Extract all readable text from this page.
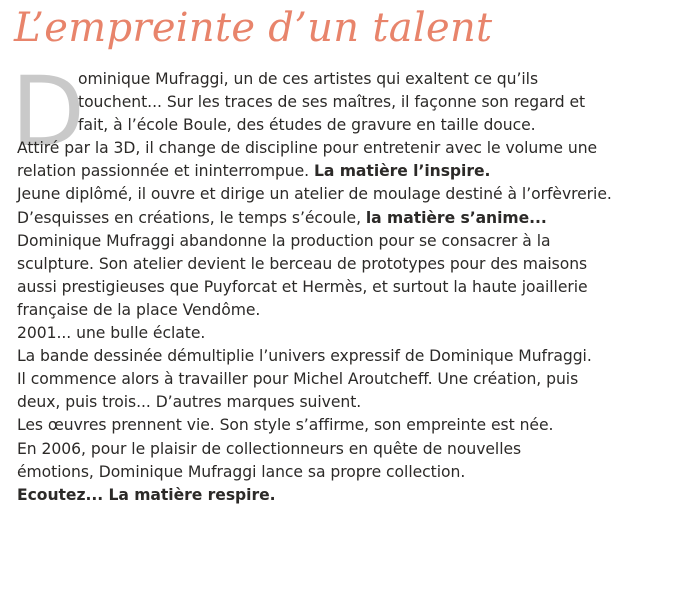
L’empreinte d’un talent
D
ominique Mufraggi, un de ces artistes qui exaltent ce qu’ils
touchent... Sur les traces de ses maîtres, il façonne son regard et
fait, à l’école Boule, des études de gravure en taille douce.
Attiré par la 3D, il change de discipline pour entretenir avec le volume une
relation passionnée et ininterrompue. La matière l’inspire.
Jeune diplômé, il ouvre et dirige un atelier de moulage destiné à l’orfèvrerie.
D’esquisses en créations, le temps s’écoule, la matière s’anime...
Dominique Mufraggi abandonne la production pour se consacrer à la
sculpture. Son atelier devient le berceau de prototypes pour des maisons
aussi prestigieuses que Puyforcat et Hermès, et surtout la haute joaillerie
française de la place Vendôme.
2001... une bulle éclate.
La bande dessinée démultiplie l’univers expressif de Dominique Mufraggi.
Il commence alors à travailler pour Michel Aroutcheff. Une création, puis
deux, puis trois... D’autres marques suivent.
Les œuvres prennent vie. Son style s’affirme, son empreinte est née.
En 2006, pour le plaisir de collectionneurs en quête de nouvelles
émotions, Dominique Mufraggi lance sa propre collection.
Ecoutez... La matière respire.
